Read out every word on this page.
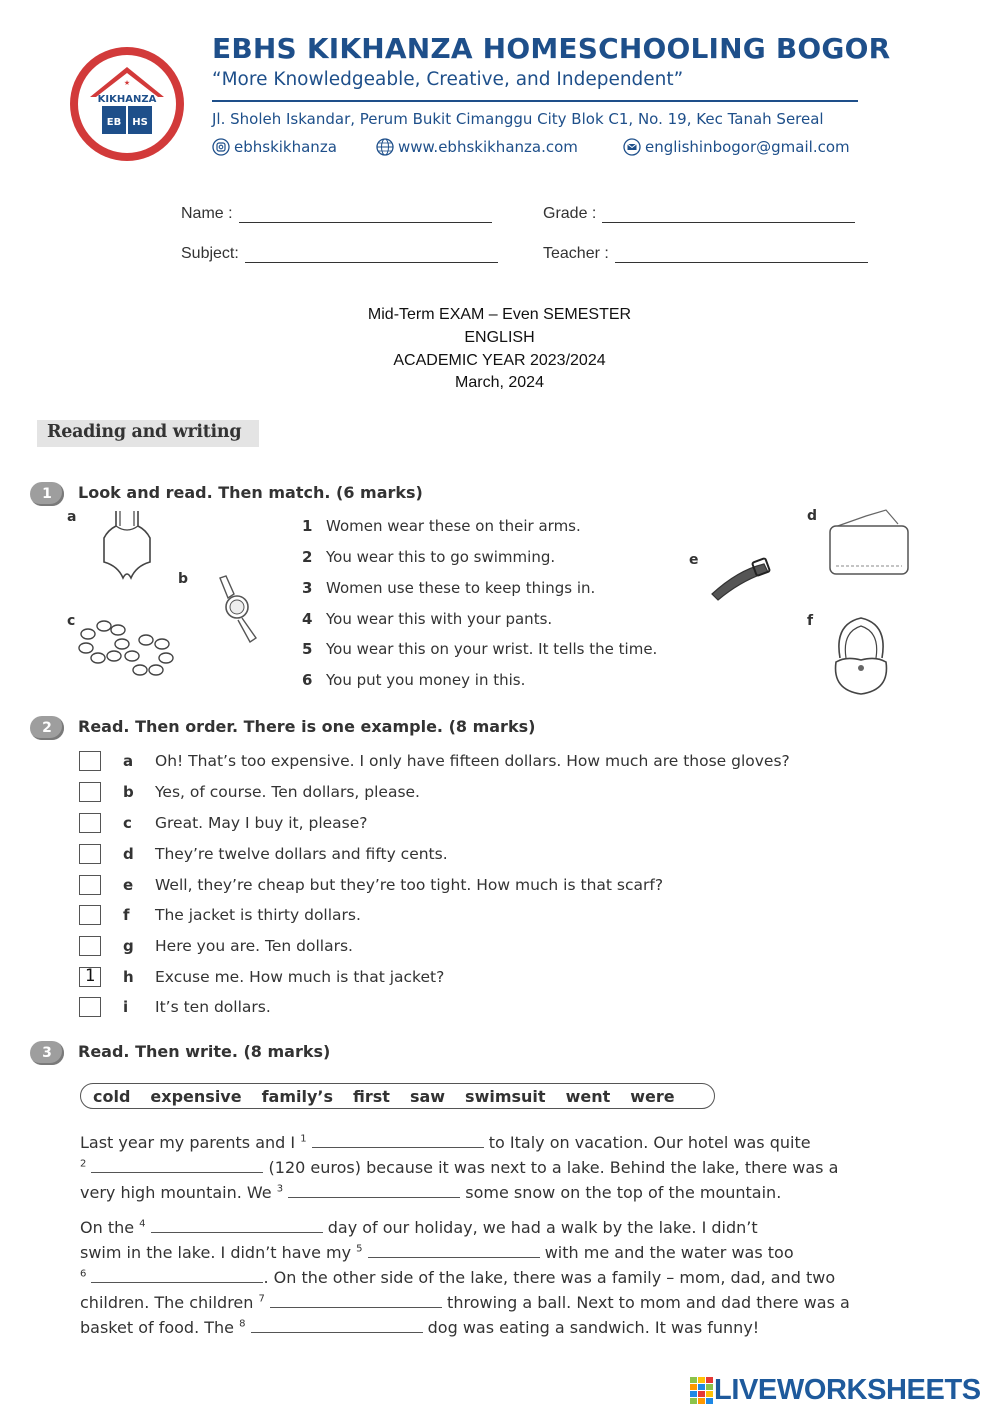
★
KIKHANZA
EB HS
EBHS KIKHANZA HOMESCHOOLING BOGOR
“More Knowledgeable, Creative, and Independent”
Jl. Sholeh Iskandar, Perum Bukit Cimanggu City Blok C1, No. 19, Kec Tanah Sereal
ebhskikhanza	www.ebhskikhanza.com	englishinbogor@gmail.com
Name :	Grade :
Subject:	Teacher :
Mid-Term EXAM – Even SEMESTER
ENGLISH
ACADEMIC YEAR 2023/2024
March, 2024
Reading and writing
1	Look and read. Then match. (6 marks)
a
b
c
d
e
f
1 Women wear these on their arms.
2 You wear this to go swimming.
3 Women use these to keep things in.
4 You wear this with your pants.
5 You wear this on your wrist. It tells the time.
6 You put you money in this.
2	Read. Then order. There is one example. (8 marks)
a	Oh! That’s too expensive. I only have fifteen dollars. How much are those gloves?
b	Yes, of course. Ten dollars, please.
c	Great. May I buy it, please?
d	They’re twelve dollars and fifty cents.
e	Well, they’re cheap but they’re too tight. How much is that scarf?
f	The jacket is thirty dollars.
g	Here you are. Ten dollars.
1	h	Excuse me. How much is that jacket?
i	It’s ten dollars.
3	Read. Then write. (8 marks)
cold expensive family’s first saw swimsuit went were
Last year my parents and I $^1$	to Italy on vacation. Our hotel was quite
$^2$	(120 euros) because it was next to a lake. Behind the lake, there was a
very high mountain. We $^3$	some snow on the top of the mountain.
On the $^4$	day of our holiday, we had a walk by the lake. I didn’t
swim in the lake. I didn’t have my $^5$	with me and the water was too
$^6$	. On the other side of the lake, there was a family – mom, dad, and two
children. The children $^7$	throwing a ball. Next to mom and dad there was a
basket of food. The $^8$	dog was eating a sandwich. It was funny!
LIVEWORKSHEETS
